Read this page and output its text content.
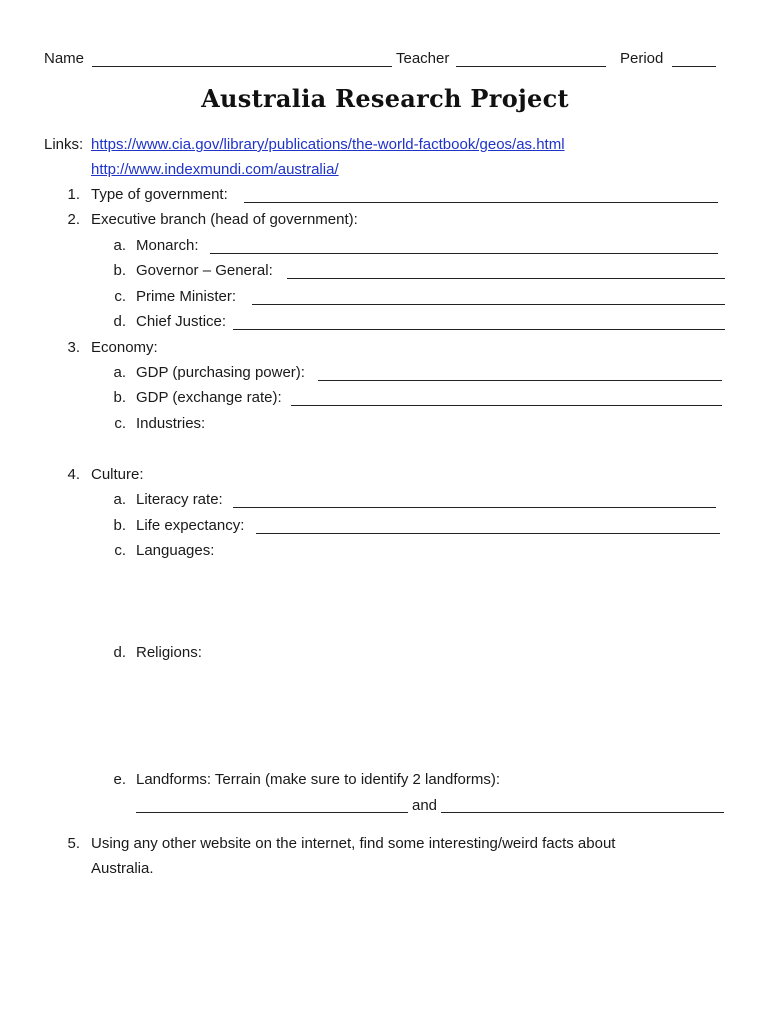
Name	Teacher	Period
Australia Research Project
Links: https://www.cia.gov/library/publications/the-world-factbook/geos/as.html
http://www.indexmundi.com/australia/
1. Type of government:
2. Executive branch (head of government):
a. Monarch:
b. Governor – General:
c. Prime Minister:
d. Chief Justice:
3. Economy:
a. GDP (purchasing power):
b. GDP (exchange rate):
c. Industries:
4. Culture:
a. Literacy rate:
b. Life expectancy:
c. Languages:
d. Religions:
e. Landforms: Terrain (make sure to identify 2 landforms):
and
5. Using any other website on the internet, find some interesting/weird facts about
Australia.
